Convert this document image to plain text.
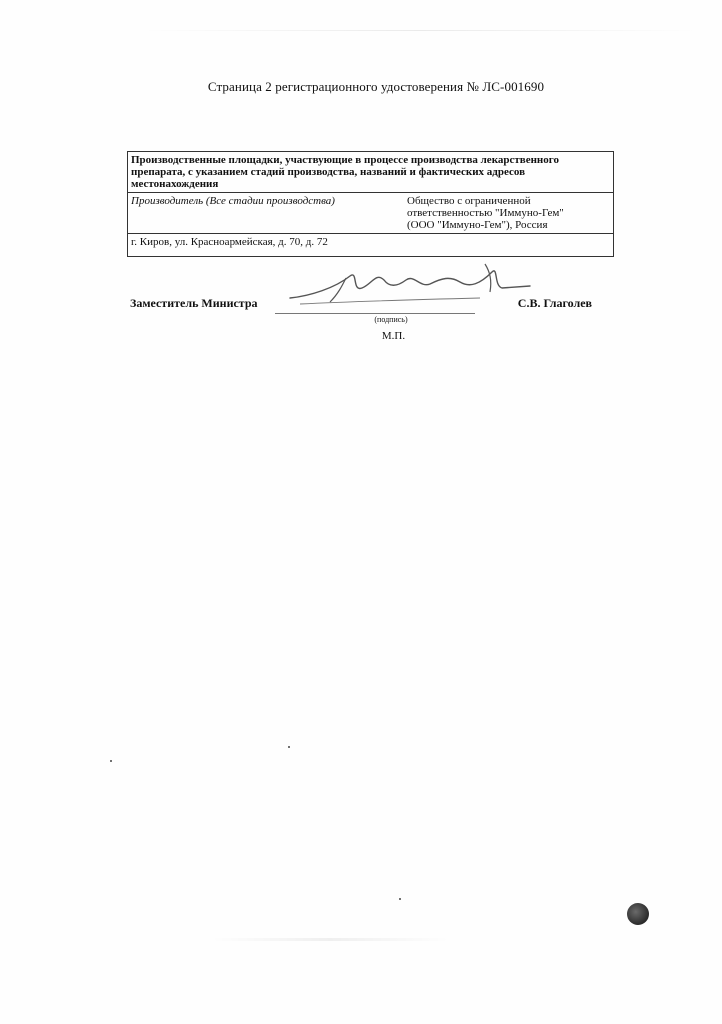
Страница 2 регистрационного удостоверения № ЛС-001690
Производственные площадки, участвующие в процессе производства лекарственного препарата, с указанием стадий производства, названий и фактических адресов местонахождения
Производитель (Все стадии производства)	Общество с ограниченной
ответственностью "Иммуно-Гем"
(ООО "Иммуно-Гем"), Россия

г. Киров, ул. Красноармейская, д. 70, д. 72
Заместитель Министра	С.В. Глаголев
(подпись)
М.П.
